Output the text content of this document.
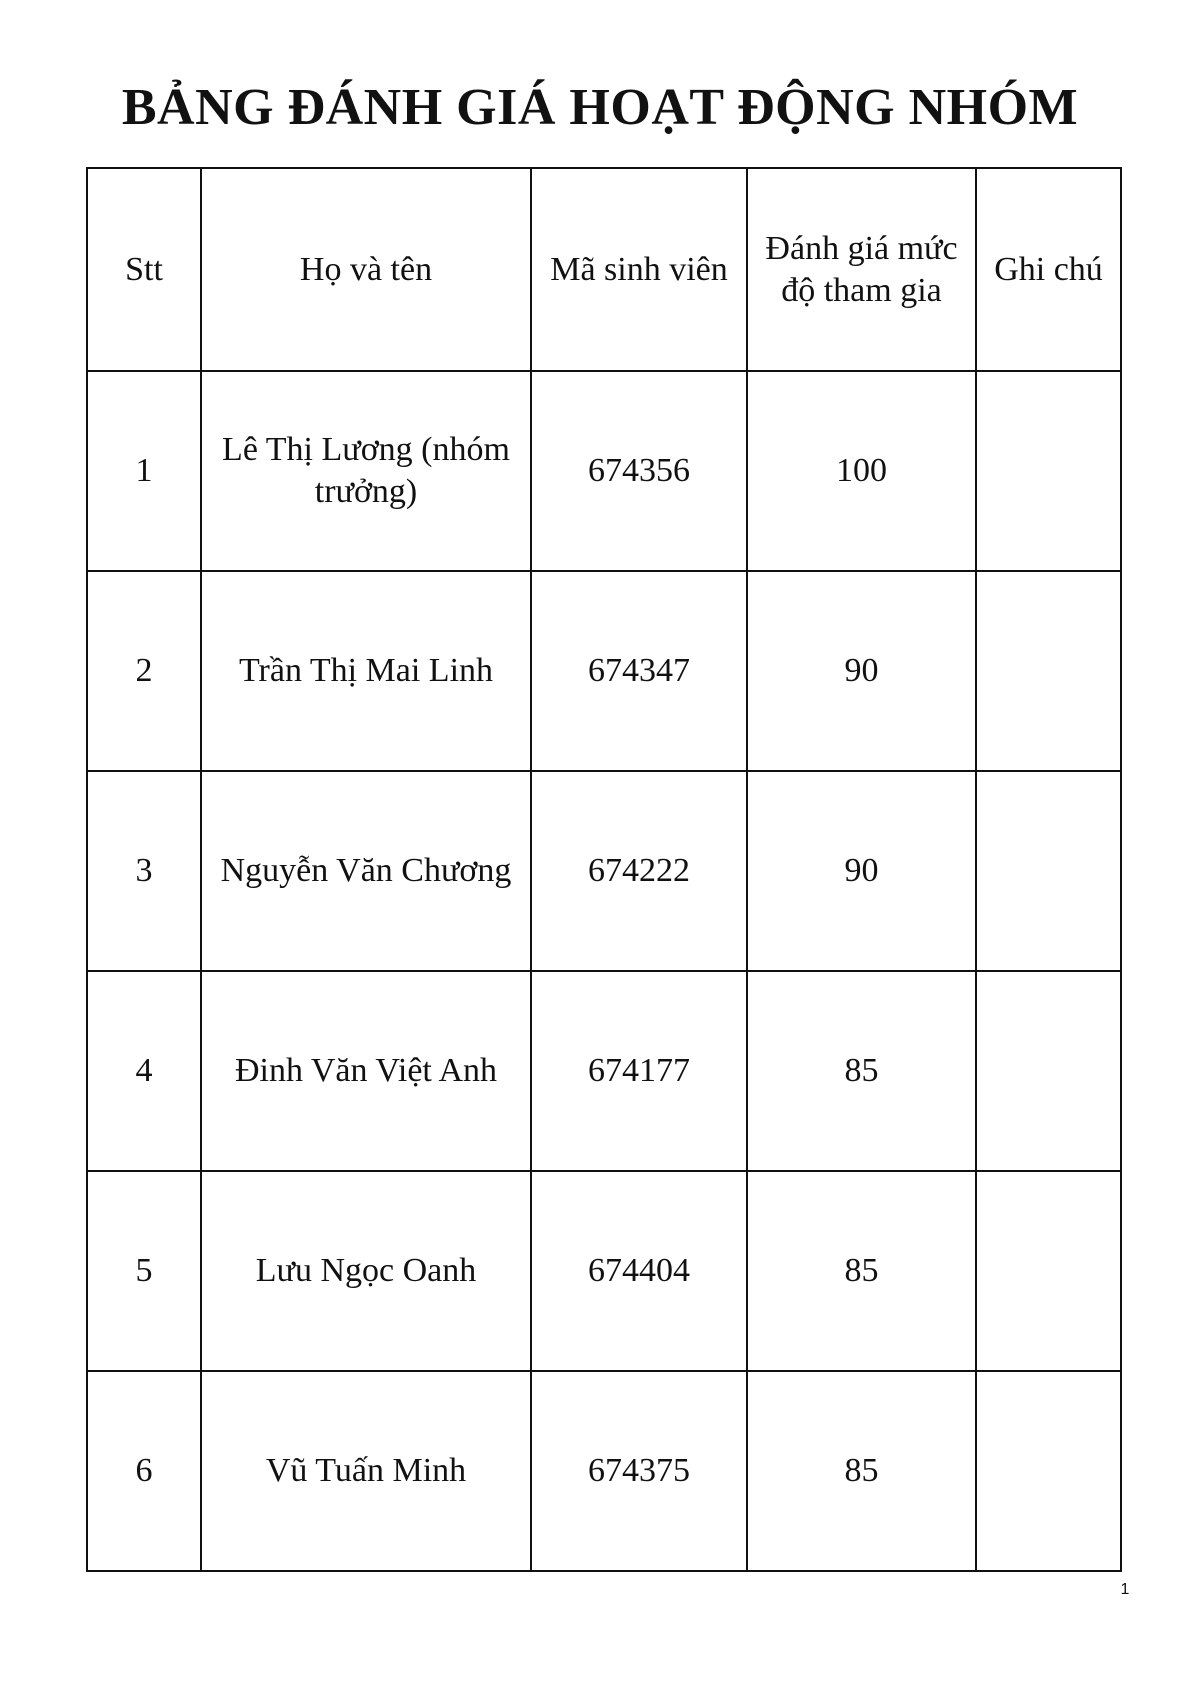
BẢNG ĐÁNH GIÁ HOẠT ĐỘNG NHÓM
Stt	Họ và tên	Mã sinh viên	Đánh giá mức độ tham gia	Ghi chú
1	Lê Thị Lương (nhóm trưởng)	674356	100	
2	Trần Thị Mai Linh	674347	90	
3	Nguyễn Văn Chương	674222	90	
4	Đinh Văn Việt Anh	674177	85	
5	Lưu Ngọc Oanh	674404	85	
6	Vũ Tuấn Minh	674375	85	
1
